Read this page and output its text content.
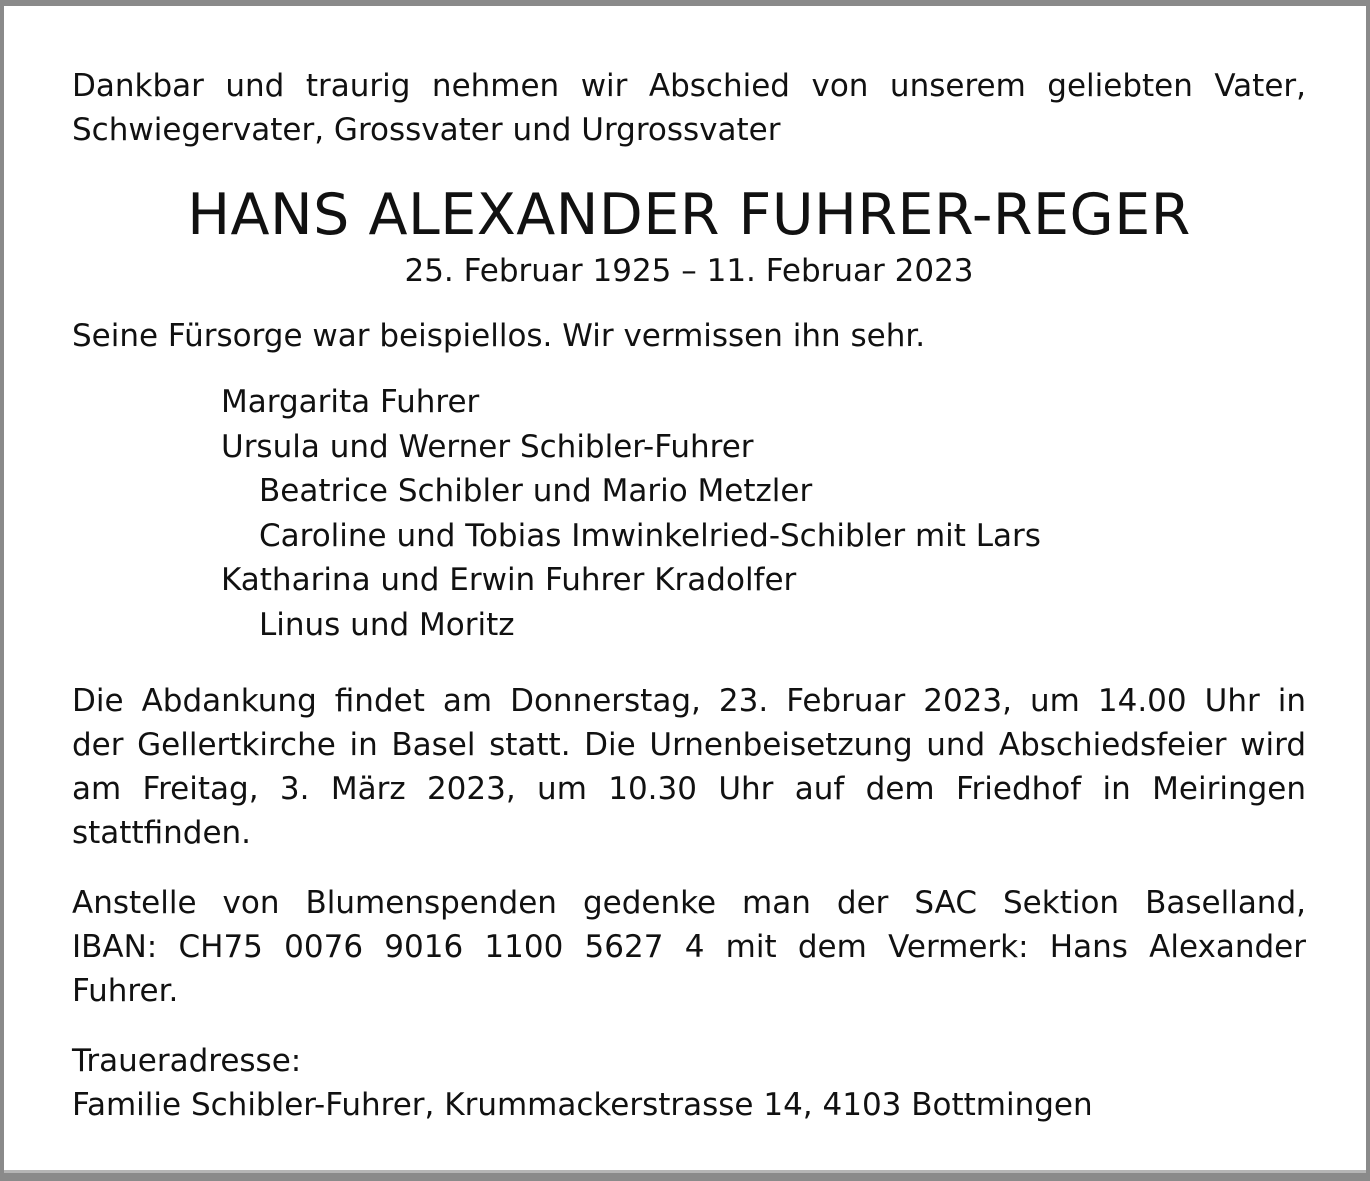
Dankbar und traurig nehmen wir Abschied von unserem geliebten Vater,
Schwiegervater, Grossvater und Urgrossvater

HANS ALEXANDER FUHRER-REGER

25. Februar 1925 – 11. Februar 2023

Seine Fürsorge war beispiellos. Wir vermissen ihn sehr.

Margarita Fuhrer
Ursula und Werner Schibler-Fuhrer
Beatrice Schibler und Mario Metzler
Caroline und Tobias Imwinkelried-Schibler mit Lars
Katharina und Erwin Fuhrer Kradolfer
Linus und Moritz

Die Abdankung findet am Donnerstag, 23. Februar 2023, um 14.00 Uhr in
der Gellertkirche in Basel statt. Die Urnenbeisetzung und Abschiedsfeier wird
am Freitag, 3. März 2023, um 10.30 Uhr auf dem Friedhof in Meiringen
stattfinden.

Anstelle von Blumenspenden gedenke man der SAC Sektion Baselland,
IBAN: CH75 0076 9016 1100 5627 4 mit dem Vermerk: Hans Alexander
Fuhrer.

Traueradresse:
Familie Schibler-Fuhrer, Krummackerstrasse 14, 4103 Bottmingen
